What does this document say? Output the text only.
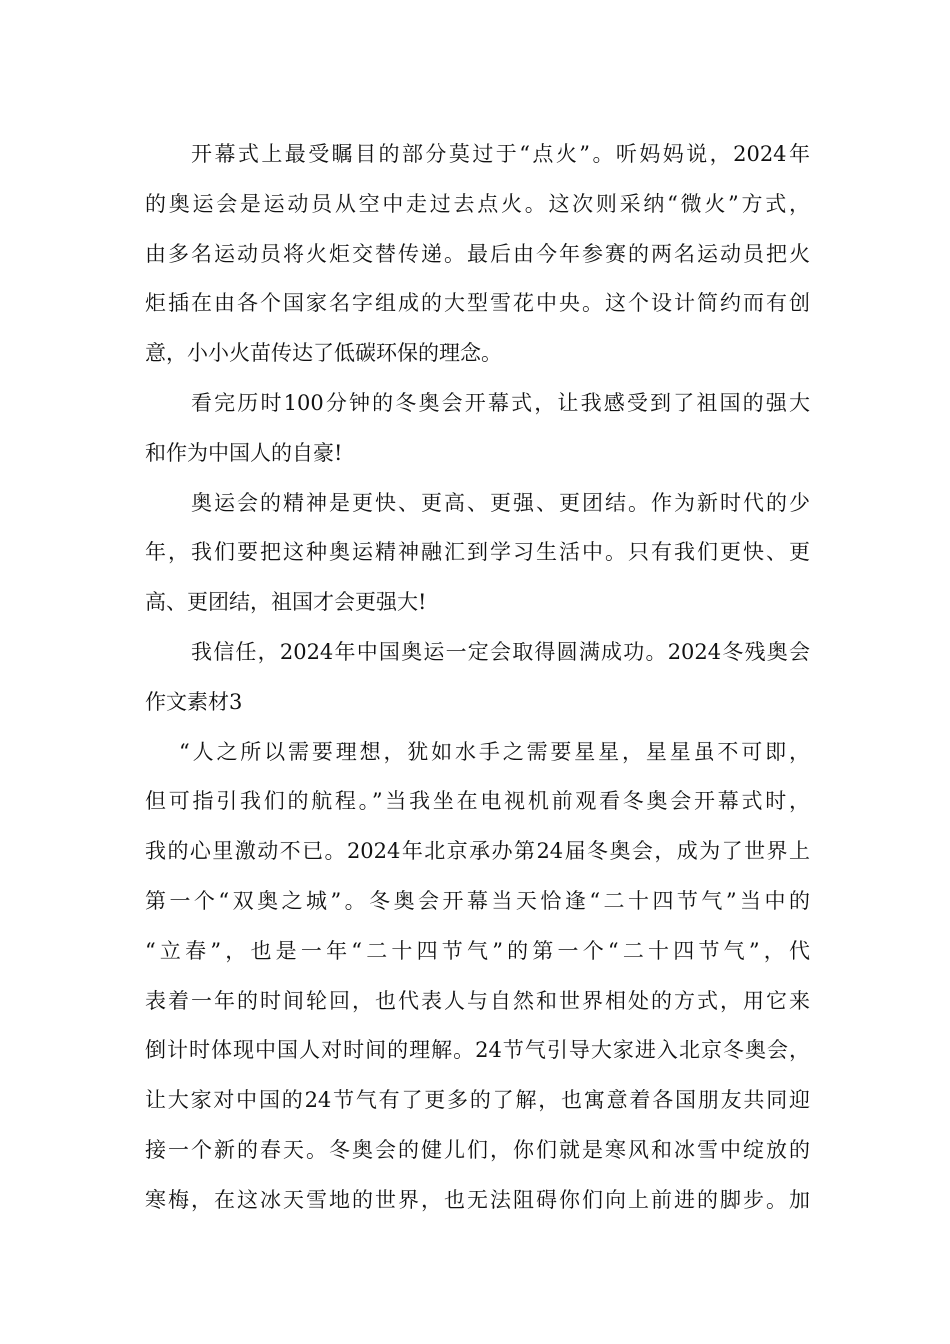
开幕式上最受瞩目的部分莫过于“点火”。听妈妈说，2024年
的奥运会是运动员从空中走过去点火。这次则采纳“微火”方式，
由多名运动员将火炬交替传递。最后由今年参赛的两名运动员把火
炬插在由各个国家名字组成的大型雪花中央。这个设计简约而有创
意，小小火苗传达了低碳环保的理念。
看完历时100分钟的冬奥会开幕式，让我感受到了祖国的强大
和作为中国人的自豪!
奥运会的精神是更快、更高、更强、更团结。作为新时代的少
年，我们要把这种奥运精神融汇到学习生活中。只有我们更快、更
高、更团结，祖国才会更强大!
我信任，2024年中国奥运一定会取得圆满成功。2024冬残奥会
作文素材3
“人之所以需要理想，犹如水手之需要星星，星星虽不可即，
但可指引我们的航程。”当我坐在电视机前观看冬奥会开幕式时，
我的心里激动不已。2024年北京承办第24届冬奥会，成为了世界上
第一个“双奥之城”。冬奥会开幕当天恰逢“二十四节气”当中的
“立春”，也是一年“二十四节气”的第一个“二十四节气”，代
表着一年的时间轮回，也代表人与自然和世界相处的方式，用它来
倒计时体现中国人对时间的理解。24节气引导大家进入北京冬奥会，
让大家对中国的24节气有了更多的了解，也寓意着各国朋友共同迎
接一个新的春天。冬奥会的健儿们，你们就是寒风和冰雪中绽放的
寒梅，在这冰天雪地的世界，也无法阻碍你们向上前进的脚步。加
